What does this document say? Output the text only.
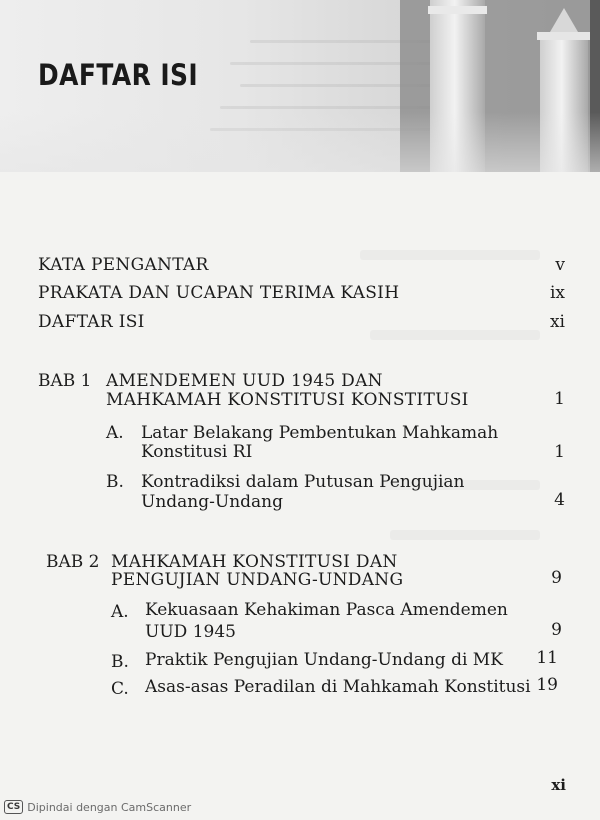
DAFTAR ISI
KATA PENGANTAR	v
PRAKATA DAN UCAPAN TERIMA KASIH	ix
DAFTAR ISI	xi
BAB 1 AMENDEMEN UUD 1945 DAN
MAHKAMAH KONSTITUSI KONSTITUSI	1
A. Latar Belakang Pembentukan Mahkamah
Konstitusi RI	1
B. Kontradiksi dalam Putusan Pengujian
Undang-Undang	4
BAB 2 MAHKAMAH KONSTITUSI DAN
PENGUJIAN UNDANG-UNDANG	9
A. Kekuasaan Kehakiman Pasca Amendemen
UUD 1945	9
B. Praktik Pengujian Undang-Undang di MK	11
C. Asas-asas Peradilan di Mahkamah Konstitusi 19
xi
CS Dipindai dengan CamScanner
